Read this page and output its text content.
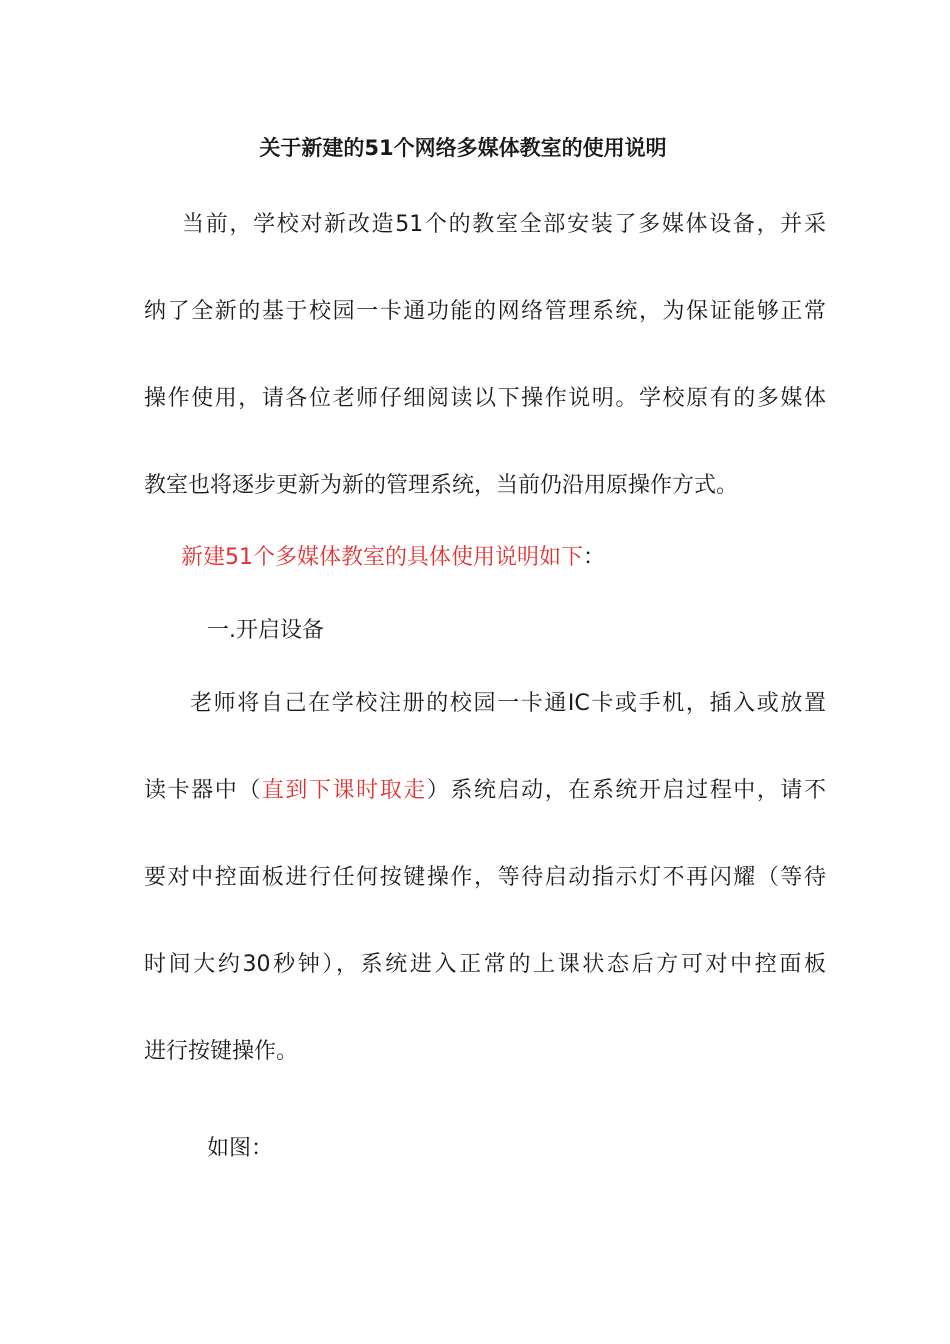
关于新建的51个网络多媒体教室的使用说明
当前，学校对新改造51个的教室全部安装了多媒体设备，并采
纳了全新的基于校园一卡通功能的网络管理系统，为保证能够正常
操作使用，请各位老师仔细阅读以下操作说明。学校原有的多媒体
教室也将逐步更新为新的管理系统，当前仍沿用原操作方式。
新建51个多媒体教室的具体使用说明如下：
一.开启设备
老师将自己在学校注册的校园一卡通IC卡或手机，插入或放置
读卡器中（直到下课时取走）系统启动，在系统开启过程中，请不
要对中控面板进行任何按键操作，等待启动指示灯不再闪耀（等待
时间大约30秒钟），系统进入正常的上课状态后方可对中控面板
进行按键操作。
如图：
